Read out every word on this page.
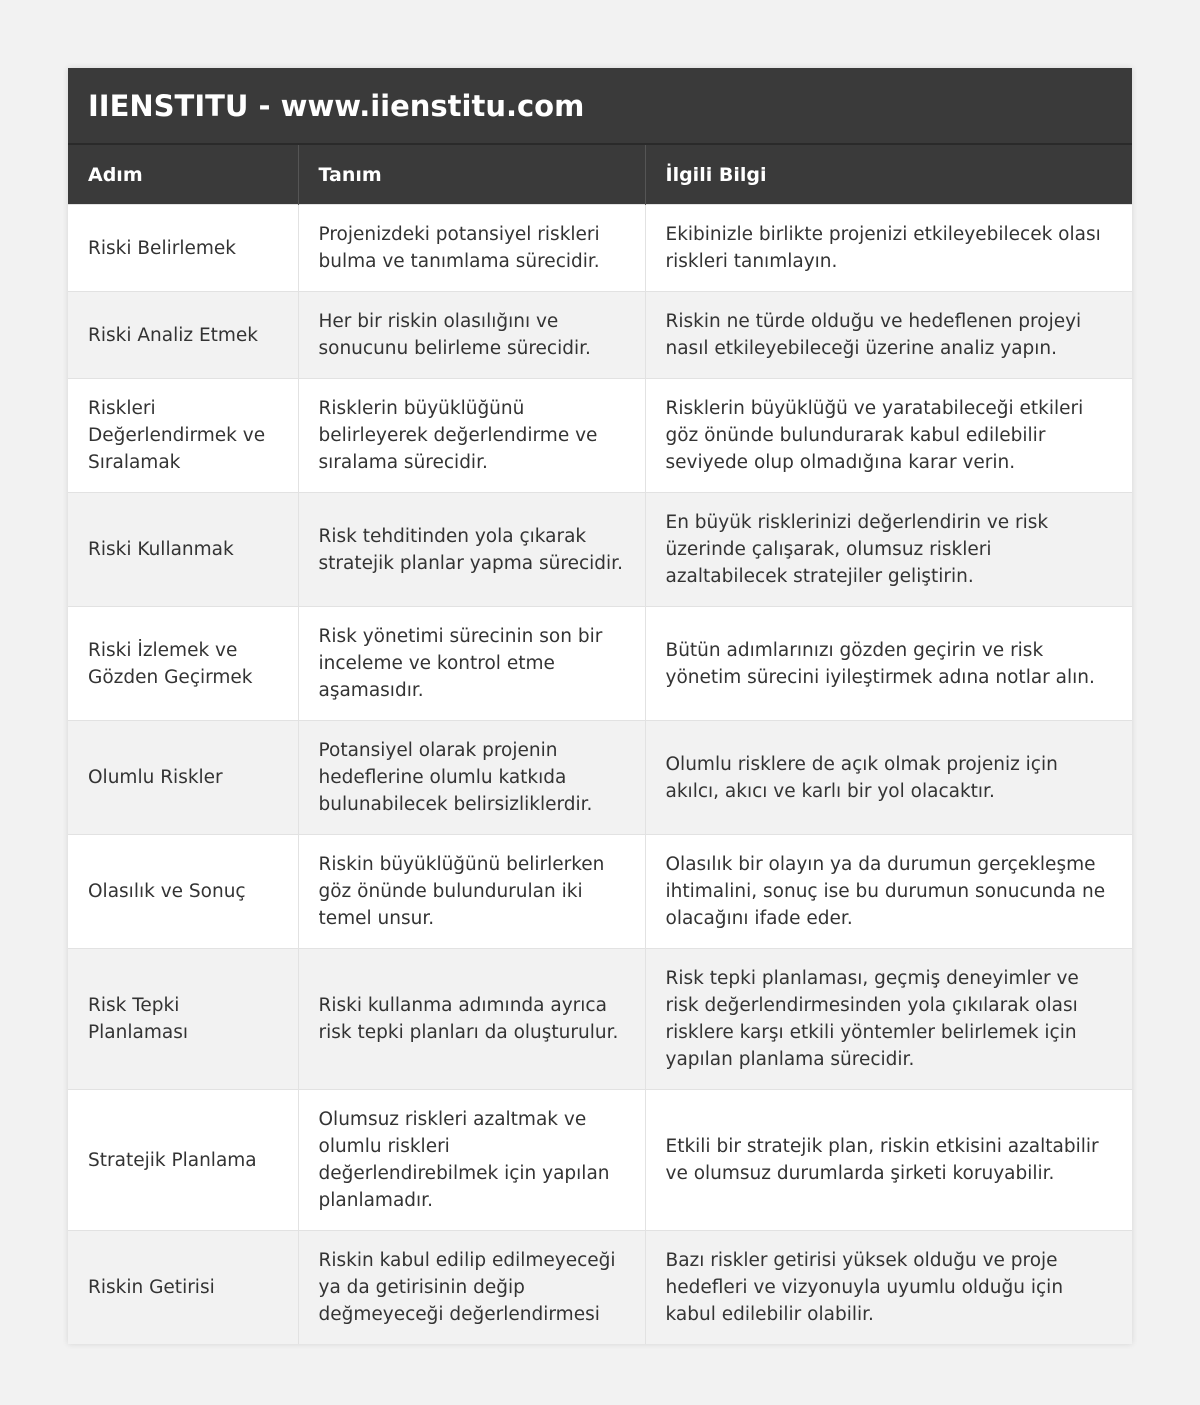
IIENSTITU - www.iienstitu.com
Adım	Tanım	İlgili Bilgi
Riski Belirlemek	Projenizdeki potansiyel riskleri bulma ve tanımlama sürecidir.	Ekibinizle birlikte projenizi etkileyebilecek olası riskleri tanımlayın.
Riski Analiz Etmek	Her bir riskin olasılığını ve sonucunu belirleme sürecidir.	Riskin ne türde olduğu ve hedeflenen projeyi nasıl etkileyebileceği üzerine analiz yapın.
Riskleri Değerlendirmek ve Sıralamak	Risklerin büyüklüğünü belirleyerek değerlendirme ve sıralama sürecidir.	Risklerin büyüklüğü ve yaratabileceği etkileri göz önünde bulundurarak kabul edilebilir seviyede olup olmadığına karar verin.
Riski Kullanmak	Risk tehditinden yola çıkarak stratejik planlar yapma sürecidir.	En büyük risklerinizi değerlendirin ve risk üzerinde çalışarak, olumsuz riskleri azaltabilecek stratejiler geliştirin.
Riski İzlemek ve Gözden Geçirmek	Risk yönetimi sürecinin son bir inceleme ve kontrol etme aşamasıdır.	Bütün adımlarınızı gözden geçirin ve risk yönetim sürecini iyileştirmek adına notlar alın.
Olumlu Riskler	Potansiyel olarak projenin hedeflerine olumlu katkıda bulunabilecek belirsizliklerdir.	Olumlu risklere de açık olmak projeniz için akılcı, akıcı ve karlı bir yol olacaktır.
Olasılık ve Sonuç	Riskin büyüklüğünü belirlerken göz önünde bulundurulan iki temel unsur.	Olasılık bir olayın ya da durumun gerçekleşme ihtimalini, sonuç ise bu durumun sonucunda ne olacağını ifade eder.
Risk Tepki Planlaması	Riski kullanma adımında ayrıca risk tepki planları da oluşturulur.	Risk tepki planlaması, geçmiş deneyimler ve risk değerlendirmesinden yola çıkılarak olası risklere karşı etkili yöntemler belirlemek için yapılan planlama sürecidir.
Stratejik Planlama	Olumsuz riskleri azaltmak ve olumlu riskleri değerlendirebilmek için yapılan planlamadır.	Etkili bir stratejik plan, riskin etkisini azaltabilir ve olumsuz durumlarda şirketi koruyabilir.
Riskin Getirisi	Riskin kabul edilip edilmeyeceği ya da getirisinin değip değmeyeceği değerlendirmesi	Bazı riskler getirisi yüksek olduğu ve proje hedefleri ve vizyonuyla uyumlu olduğu için kabul edilebilir olabilir.
